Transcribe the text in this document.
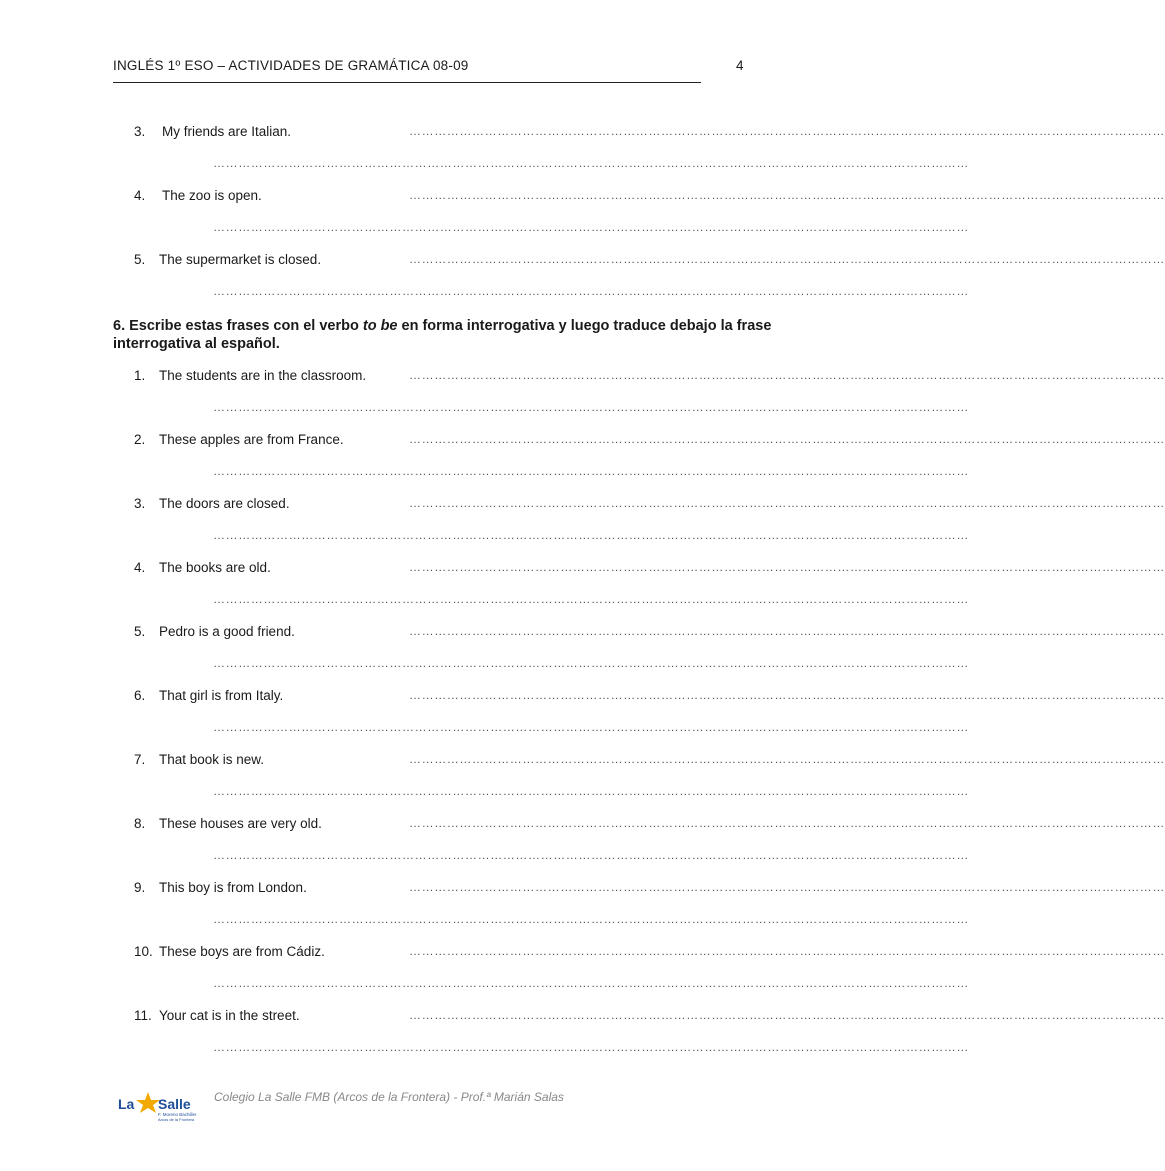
INGLÉS 1º ESO – ACTIVIDADES DE GRAMÁTICA 08-09	4
3. My friends are Italian.	………………………………………………………………………………………………………………………………………………………………
………………………………………………………………………………………………………………………………………………………………
4. The zoo is open.	………………………………………………………………………………………………………………………………………………………………
………………………………………………………………………………………………………………………………………………………………
5. The supermarket is closed.	………………………………………………………………………………………………………………………………………………………………
………………………………………………………………………………………………………………………………………………………………
6. Escribe estas frases con el verbo to be en forma interrogativa y luego traduce debajo la frase interrogativa al español.
1. The students are in the classroom.	………………………………………………………………………………………………………………………………………………………………
………………………………………………………………………………………………………………………………………………………………
2. These apples are from France.	………………………………………………………………………………………………………………………………………………………………
………………………………………………………………………………………………………………………………………………………………
3. The doors are closed.	………………………………………………………………………………………………………………………………………………………………
………………………………………………………………………………………………………………………………………………………………
4. The books are old.	………………………………………………………………………………………………………………………………………………………………
………………………………………………………………………………………………………………………………………………………………
5. Pedro is a good friend.	………………………………………………………………………………………………………………………………………………………………
………………………………………………………………………………………………………………………………………………………………
6. That girl is from Italy.	………………………………………………………………………………………………………………………………………………………………
………………………………………………………………………………………………………………………………………………………………
7. That book is new.	………………………………………………………………………………………………………………………………………………………………
………………………………………………………………………………………………………………………………………………………………
8. These houses are very old.	………………………………………………………………………………………………………………………………………………………………
………………………………………………………………………………………………………………………………………………………………
9. This boy is from London.	………………………………………………………………………………………………………………………………………………………………
………………………………………………………………………………………………………………………………………………………………
10. These boys are from Cádiz.	………………………………………………………………………………………………………………………………………………………………
………………………………………………………………………………………………………………………………………………………………
11. Your cat is in the street.	………………………………………………………………………………………………………………………………………………………………
………………………………………………………………………………………………………………………………………………………………
La Salle
F. Moreno Bachiller
Arcos de la Frontera
Colegio La Salle FMB (Arcos de la Frontera) - Prof.ª Marián Salas
